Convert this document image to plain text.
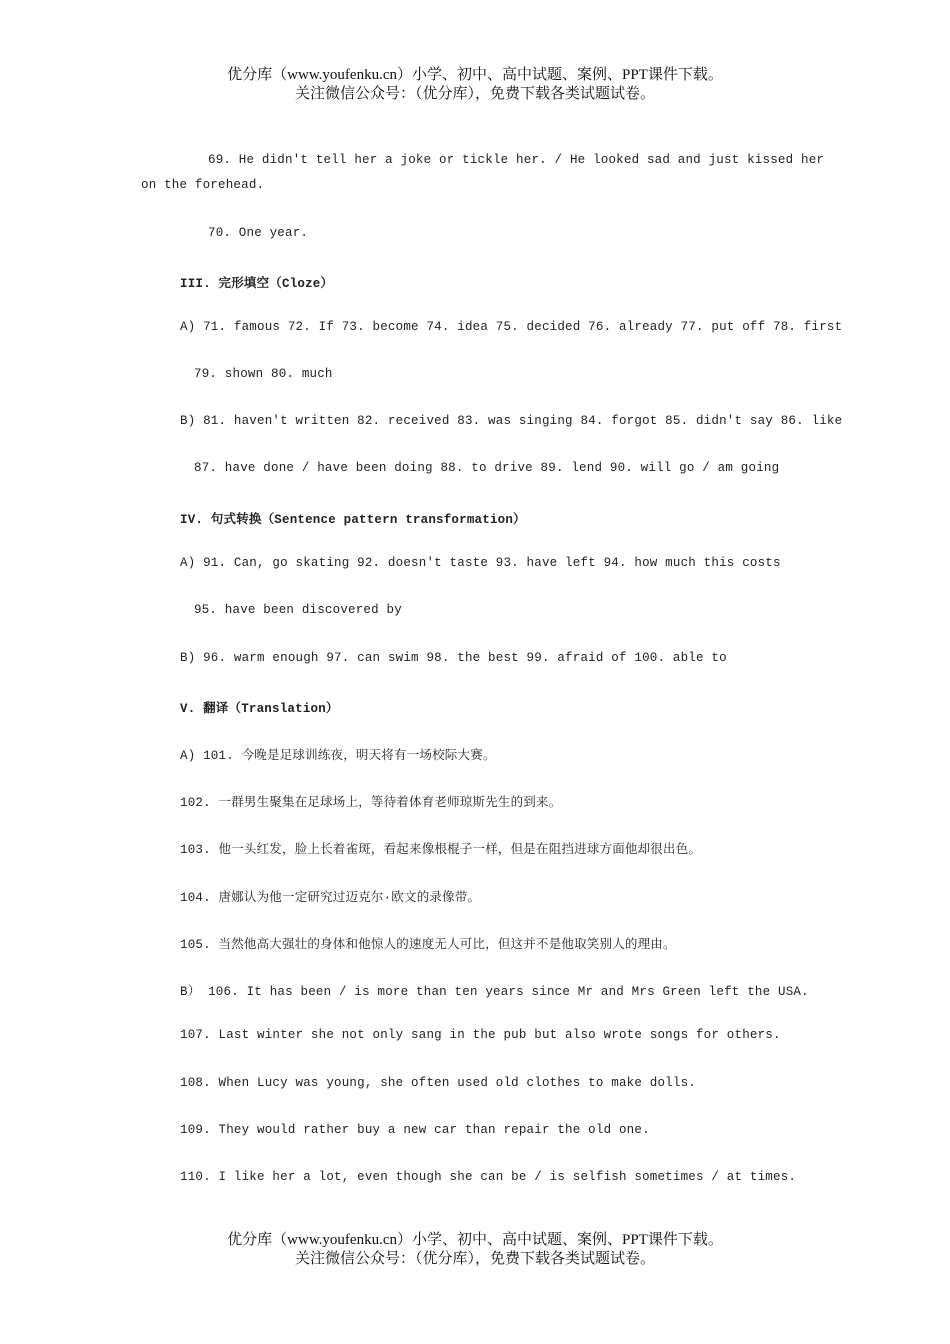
优分库（www.youfenku.cn）小学、初中、高中试题、案例、PPT课件下载。
关注微信公众号：（优分库），免费下载各类试题试卷。
69. He didn't tell her a joke or tickle her. / He looked sad and just kissed her
on the forehead.
70. One year.
III. 完形填空（Cloze）
A) 71. famous 72. If 73. become 74. idea 75. decided 76. already 77. put off 78. first
79. shown 80. much
B) 81. haven't written 82. received 83. was singing 84. forgot 85. didn't say 86. like
87. have done / have been doing 88. to drive 89. lend 90. will go / am going
IV. 句式转换（Sentence pattern transformation）
A) 91. Can, go skating 92. doesn't taste 93. have left 94. how much this costs
95. have been discovered by
B) 96. warm enough 97. can swim 98. the best 99. afraid of 100. able to
V. 翻译（Translation）
A) 101. 今晚是足球训练夜，明天将有一场校际大赛。
102. 一群男生聚集在足球场上，等待着体育老师琼斯先生的到来。
103. 他一头红发，脸上长着雀斑，看起来像根棍子一样，但是在阻挡进球方面他却很出色。
104. 唐娜认为他一定研究过迈克尔·欧文的录像带。
105. 当然他高大强壮的身体和他惊人的速度无人可比，但这并不是他取笑别人的理由。
B） 106. It has been / is more than ten years since Mr and Mrs Green left the USA.
107. Last winter she not only sang in the pub but also wrote songs for others.
108. When Lucy was young, she often used old clothes to make dolls.
109. They would rather buy a new car than repair the old one.
110. I like her a lot, even though she can be / is selfish sometimes / at times.
优分库（www.youfenku.cn）小学、初中、高中试题、案例、PPT课件下载。
关注微信公众号：（优分库），免费下载各类试题试卷。
